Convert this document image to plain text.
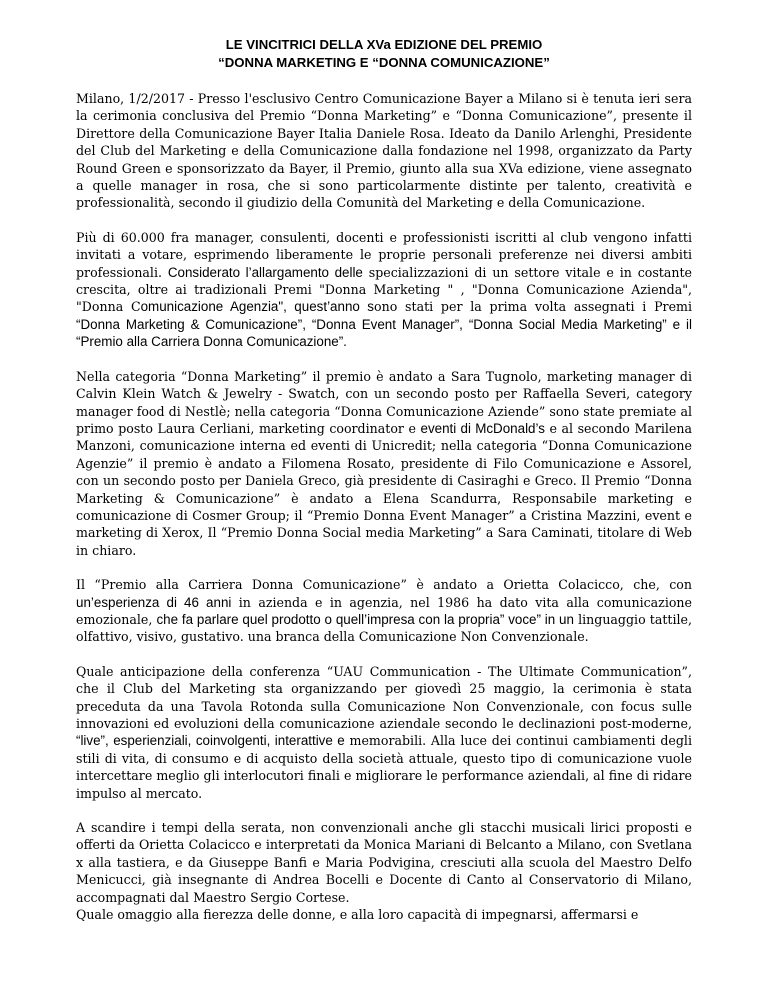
LE VINCITRICI DELLA XVa EDIZIONE DEL PREMIO
“DONNA MARKETING E “DONNA COMUNICAZIONE”

Milano, 1/2/2017 - Presso l'esclusivo Centro Comunicazione Bayer a Milano si è tenuta ieri sera la cerimonia conclusiva del Premio “Donna Marketing” e “Donna Comunicazione”, presente il Direttore della Comunicazione Bayer Italia Daniele Rosa. Ideato da Danilo Arlenghi, Presidente del Club del Marketing e della Comunicazione dalla fondazione nel 1998, organizzato da Party Round Green e sponsorizzato da Bayer, il Premio, giunto alla sua XVa edizione, viene assegnato a quelle manager in rosa, che si sono particolarmente distinte per talento, creatività e professionalità, secondo il giudizio della Comunità del Marketing e della Comunicazione.

Più di 60.000 fra manager, consulenti, docenti e professionisti iscritti al club vengono infatti invitati a votare, esprimendo liberamente le proprie personali preferenze nei diversi ambiti professionali. Considerato l’allargamento delle specializzazioni di un settore vitale e in costante crescita, oltre ai tradizionali Premi "Donna Marketing " , "Donna Comunicazione Azienda", "Donna Comunicazione Agenzia", quest’anno sono stati per la prima volta assegnati i Premi “Donna Marketing & Comunicazione”, “Donna Event Manager”, “Donna Social Media Marketing” e il “Premio alla Carriera Donna Comunicazione”.

Nella categoria “Donna Marketing” il premio è andato a Sara Tugnolo, marketing manager di Calvin Klein Watch & Jewelry - Swatch, con un secondo posto per Raffaella Severi, category manager food di Nestlè; nella categoria “Donna Comunicazione Aziende” sono state premiate al primo posto Laura Cerliani, marketing coordinator e eventi di McDonald’s e al secondo Marilena Manzoni, comunicazione interna ed eventi di Unicredit; nella categoria “Donna Comunicazione Agenzie” il premio è andato a Filomena Rosato, presidente di Filo Comunicazione e Assorel, con un secondo posto per Daniela Greco, già presidente di Casiraghi e Greco. Il Premio “Donna Marketing & Comunicazione” è andato a Elena Scandurra, Responsabile marketing e comunicazione di Cosmer Group; il “Premio Donna Event Manager” a Cristina Mazzini, event e marketing di Xerox, Il “Premio Donna Social media Marketing” a Sara Caminati, titolare di Web in chiaro.

Il “Premio alla Carriera Donna Comunicazione” è andato a Orietta Colacicco, che, con un’esperienza di 46 anni in azienda e in agenzia, nel 1986 ha dato vita alla comunicazione emozionale, che fa parlare quel prodotto o quell’impresa con la propria” voce” in un linguaggio tattile, olfattivo, visivo, gustativo. una branca della Comunicazione Non Convenzionale.

Quale anticipazione della conferenza “UAU Communication - The Ultimate Communication”, che il Club del Marketing sta organizzando per giovedì 25 maggio, la cerimonia è stata preceduta da una Tavola Rotonda sulla Comunicazione Non Convenzionale, con focus sulle innovazioni ed evoluzioni della comunicazione aziendale secondo le declinazioni post-moderne, “live”, esperienziali, coinvolgenti, interattive e memorabili. Alla luce dei continui cambiamenti degli stili di vita, di consumo e di acquisto della società attuale, questo tipo di comunicazione vuole intercettare meglio gli interlocutori finali e migliorare le performance aziendali, al fine di ridare impulso al mercato.

A scandire i tempi della serata, non convenzionali anche gli stacchi musicali lirici proposti e offerti da Orietta Colacicco e interpretati da Monica Mariani di Belcanto a Milano, con Svetlana x alla tastiera, e da Giuseppe Banfi e Maria Podvigina, cresciuti alla scuola del Maestro Delfo Menicucci, già insegnante di Andrea Bocelli e Docente di Canto al Conservatorio di Milano, accompagnati dal Maestro Sergio Cortese.

Quale omaggio alla fierezza delle donne, e alla loro capacità di impegnarsi, affermarsi e
